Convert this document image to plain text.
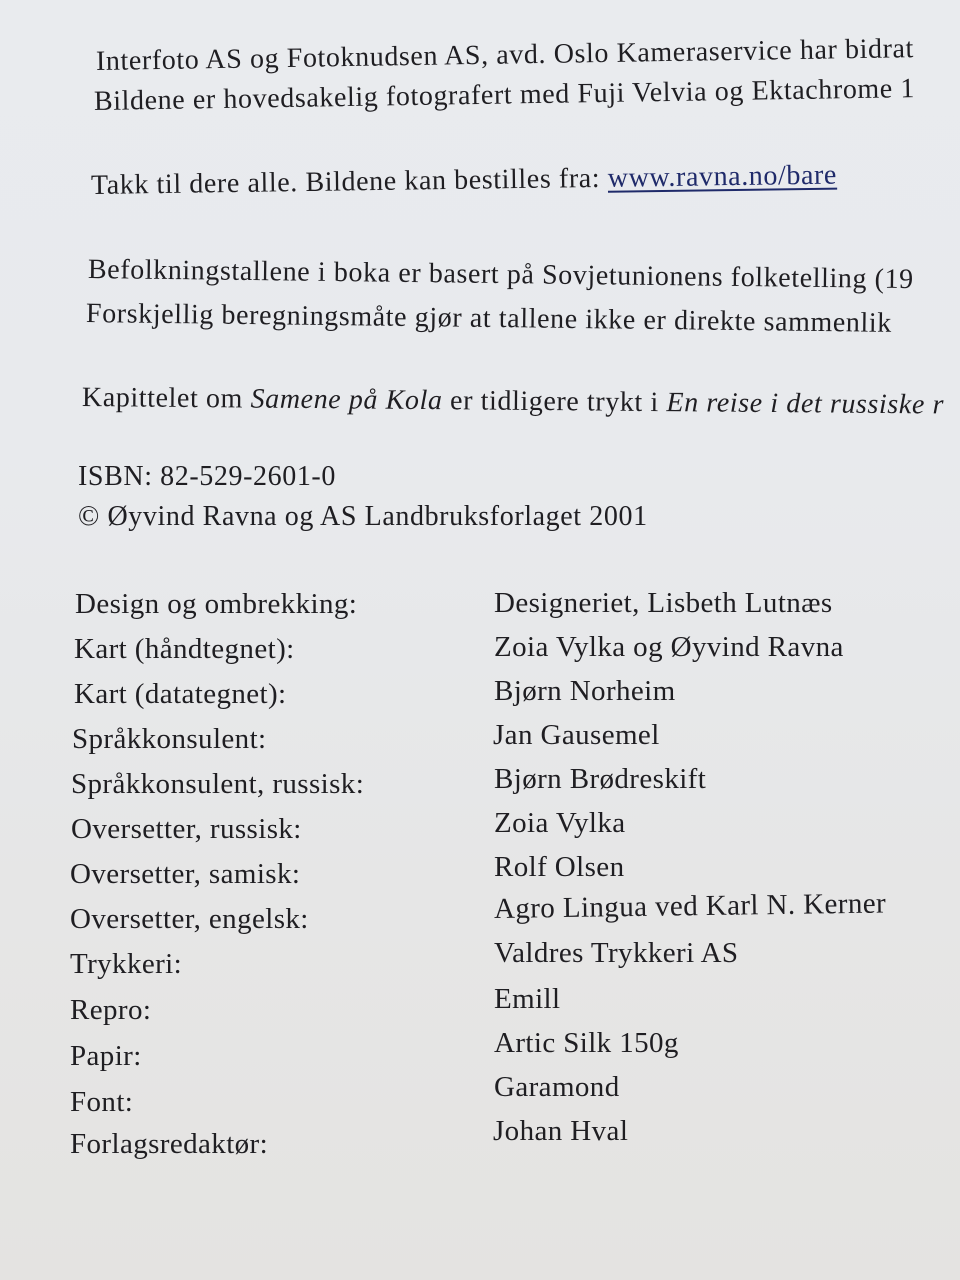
Interfoto AS og Fotoknudsen AS, avd. Oslo Kameraservice har bidrat
Bildene er hovedsakelig fotografert med Fuji Velvia og Ektachrome 1
Takk til dere alle. Bildene kan bestilles fra: www.ravna.no/bare
Befolkningstallene i boka er basert på Sovjetunionens folketelling (19
Forskjellig beregningsmåte gjør at tallene ikke er direkte sammenlik
Kapittelet om Samene på Kola er tidligere trykt i En reise i det russiske r
ISBN: 82-529-2601-0
© Øyvind Ravna og AS Landbruksforlaget 2001
Design og ombrekking:	Designeriet, Lisbeth Lutnæs
Kart (håndtegnet):	Zoia Vylka og Øyvind Ravna
Kart (datategnet):	Bjørn Norheim
Språkkonsulent:	Jan Gausemel
Språkkonsulent, russisk:	Bjørn Brødreskift
Oversetter, russisk:	Zoia Vylka
Oversetter, samisk:	Rolf Olsen
Oversetter, engelsk:	Agro Lingua ved Karl N. Kerner
Trykkeri:	Valdres Trykkeri AS
Repro:	Emill
Papir:	Artic Silk 150g
Font:	Garamond
Forlagsredaktør:	Johan Hval
